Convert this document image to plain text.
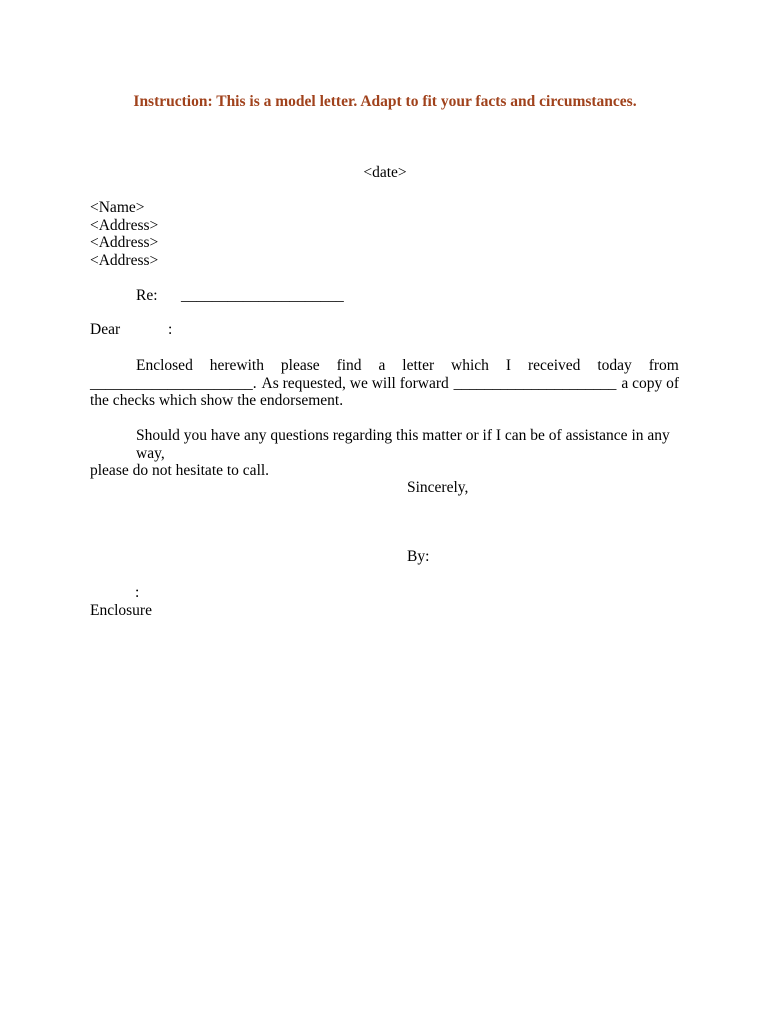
Instruction: This is a model letter. Adapt to fit your facts and circumstances.
<date>
<Name>
<Address>
<Address>
<Address>
Re: _____________________
Dear	:
Enclosed herewith please find a letter which I received today from
_____________________. As requested, we will forward _____________________ a copy of
the checks which show the endorsement.
Should you have any questions regarding this matter or if I can be of assistance in any way,
please do not hesitate to call.
Sincerely,
By:
:
Enclosure
